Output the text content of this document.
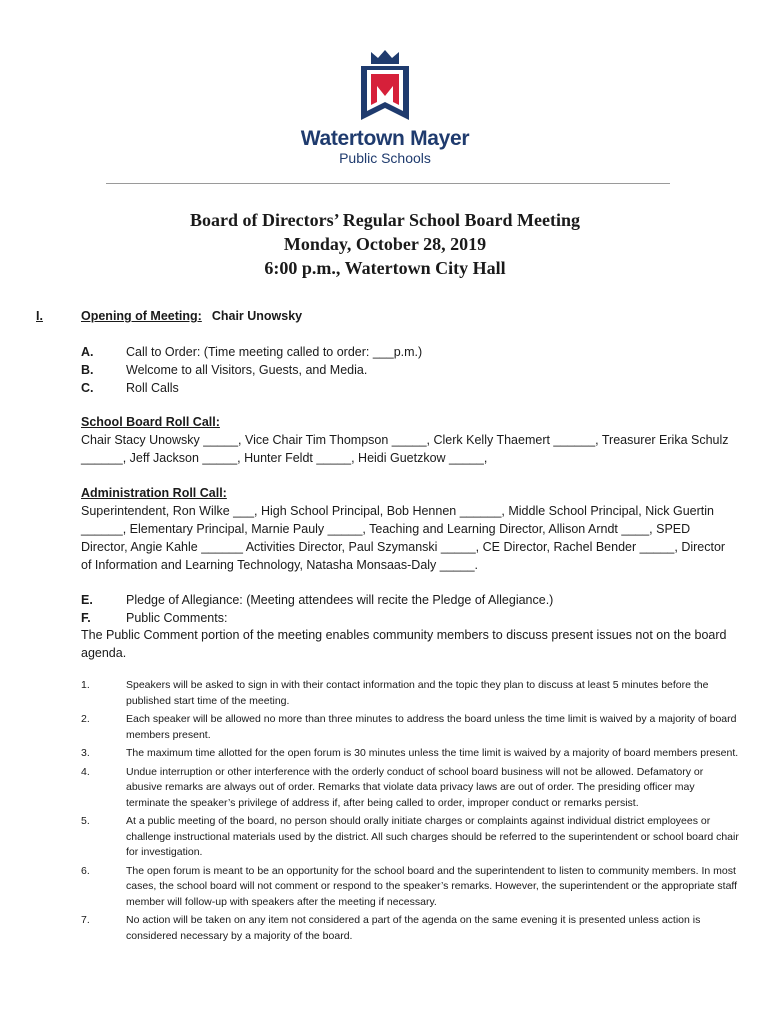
Watertown Mayer
Public Schools
Board of Directors’ Regular School Board Meeting
Monday, October 28, 2019
6:00 p.m., Watertown City Hall
I.	Opening of Meeting: Chair Unowsky
A.	Call to Order: (Time meeting called to order: ___p.m.)
B.	Welcome to all Visitors, Guests, and Media.
C.	Roll Calls
School Board Roll Call:
Chair Stacy Unowsky _____, Vice Chair Tim Thompson _____, Clerk Kelly Thaemert ______, Treasurer Erika Schulz ______, Jeff Jackson _____, Hunter Feldt _____, Heidi Guetzkow _____,
Administration Roll Call:
Superintendent, Ron Wilke ___, High School Principal, Bob Hennen ______, Middle School Principal, Nick Guertin ______, Elementary Principal, Marnie Pauly _____, Teaching and Learning Director, Allison Arndt ____, SPED Director, Angie Kahle ______ Activities Director, Paul Szymanski _____, CE Director, Rachel Bender _____, Director of Information and Learning Technology, Natasha Monsaas-Daly _____.
E.	Pledge of Allegiance: (Meeting attendees will recite the Pledge of Allegiance.)
F.	Public Comments:
The Public Comment portion of the meeting enables community members to discuss present issues not on the board agenda.
1.	Speakers will be asked to sign in with their contact information and the topic they plan to discuss at least 5 minutes before the published start time of the meeting.
2.	Each speaker will be allowed no more than three minutes to address the board unless the time limit is waived by a majority of board members present.
3.	The maximum time allotted for the open forum is 30 minutes unless the time limit is waived by a majority of board members present.
4.	Undue interruption or other interference with the orderly conduct of school board business will not be allowed. Defamatory or abusive remarks are always out of order. Remarks that violate data privacy laws are out of order. The presiding officer may terminate the speaker’s privilege of address if, after being called to order, improper conduct or remarks persist.
5.	At a public meeting of the board, no person should orally initiate charges or complaints against individual district employees or challenge instructional materials used by the district. All such charges should be referred to the superintendent or school board chair for investigation.
6.	The open forum is meant to be an opportunity for the school board and the superintendent to listen to community members. In most cases, the school board will not comment or respond to the speaker’s remarks. However, the superintendent or the appropriate staff member will follow-up with speakers after the meeting if necessary.
7.	No action will be taken on any item not considered a part of the agenda on the same evening it is presented unless action is considered necessary by a majority of the board.
